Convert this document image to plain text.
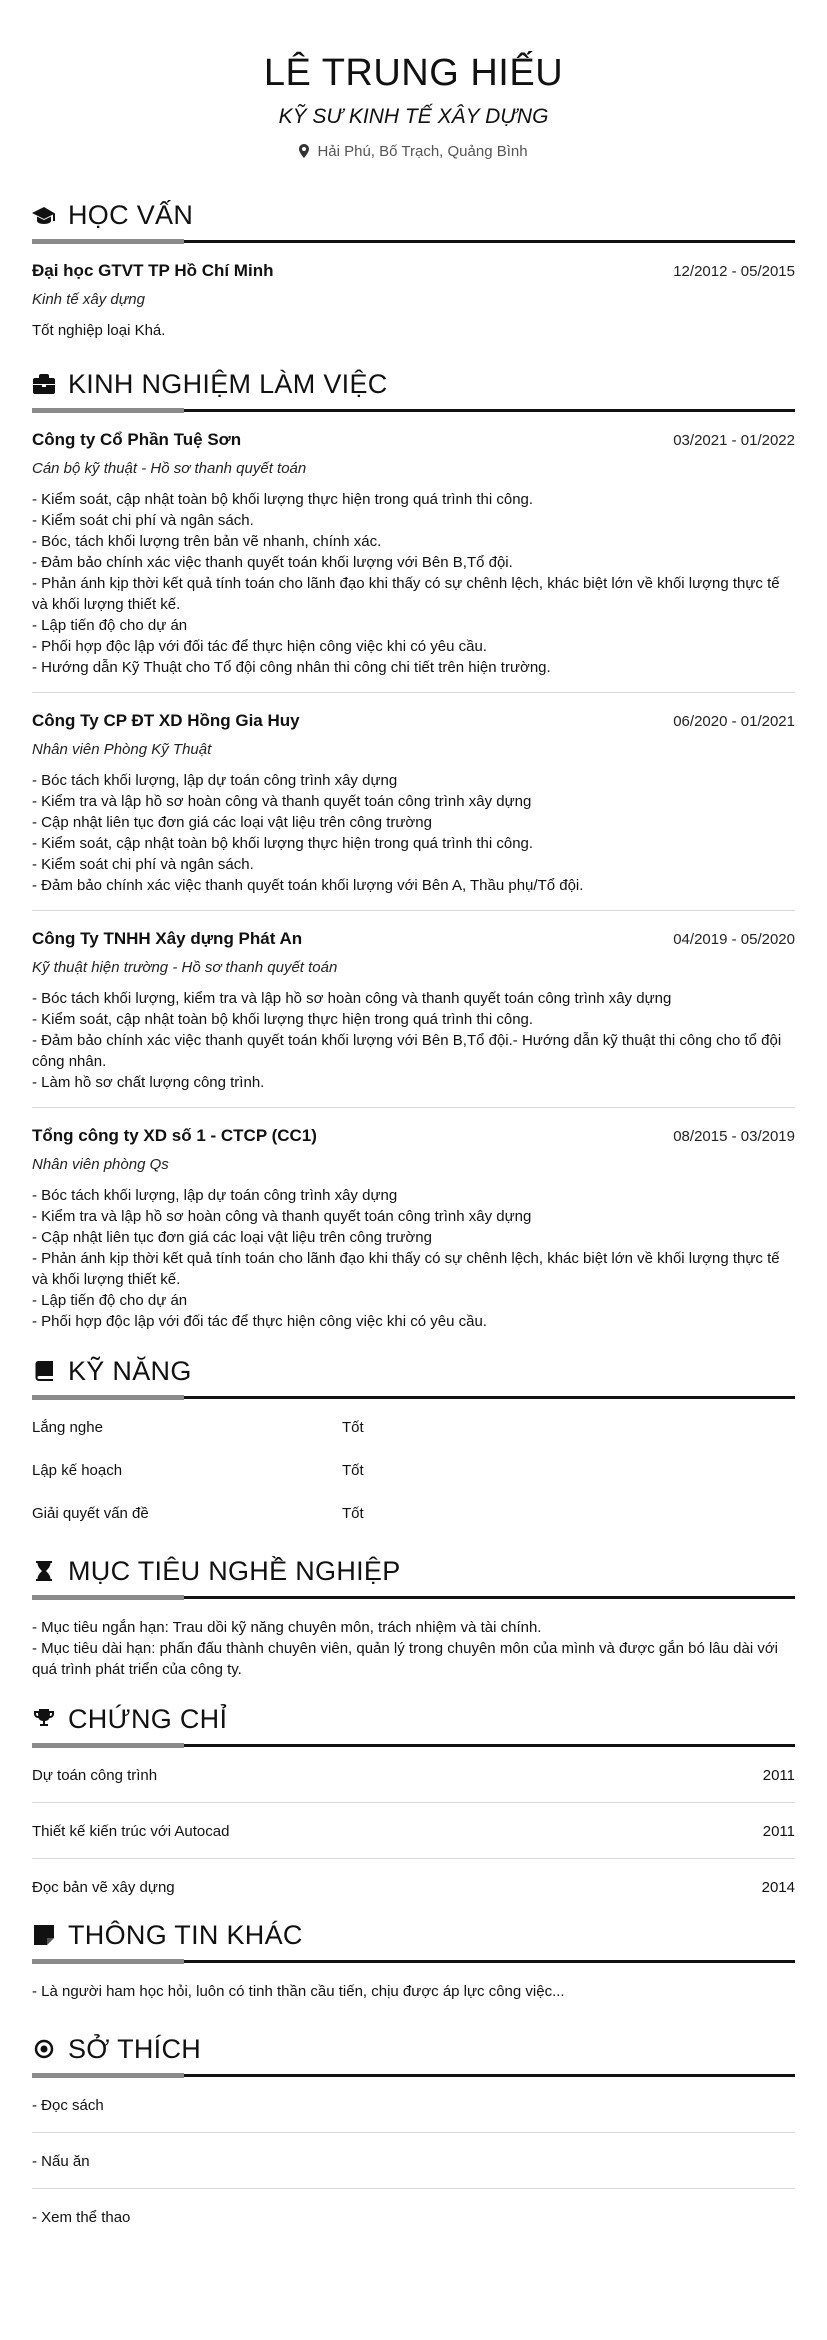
LÊ TRUNG HIẾU
KỸ SƯ KINH TẾ XÂY DỰNG
Hải Phú, Bố Trạch, Quảng Bình
HỌC VẤN
Đại học GTVT TP Hồ Chí Minh	12/2012 - 05/2015
Kinh tế xây dựng
Tốt nghiệp loại Khá.
KINH NGHIỆM LÀM VIỆC
Công ty Cổ Phần Tuệ Sơn	03/2021 - 01/2022
Cán bộ kỹ thuật - Hồ sơ thanh quyết toán
- Kiểm soát, cập nhật toàn bộ khối lượng thực hiện trong quá trình thi công.
- Kiểm soát chi phí và ngân sách.
- Bóc, tách khối lượng trên bản vẽ nhanh, chính xác.
- Đảm bảo chính xác việc thanh quyết toán khối lượng với Bên B,Tổ đội.
- Phản ánh kịp thời kết quả tính toán cho lãnh đạo khi thấy có sự chênh lệch, khác biệt lớn về khối lượng thực tế và khối lượng thiết kế.
- Lập tiến độ cho dự án
- Phối hợp độc lập với đối tác để thực hiện công việc khi có yêu cầu.
- Hướng dẫn Kỹ Thuật cho Tổ đội công nhân thi công chi tiết trên hiện trường.
Công Ty CP ĐT XD Hồng Gia Huy	06/2020 - 01/2021
Nhân viên Phòng Kỹ Thuật
- Bóc tách khối lượng, lập dự toán công trình xây dựng
- Kiểm tra và lập hồ sơ hoàn công và thanh quyết toán công trình xây dựng
- Cập nhật liên tục đơn giá các loại vật liệu trên công trường
- Kiểm soát, cập nhật toàn bộ khối lượng thực hiện trong quá trình thi công.
- Kiểm soát chi phí và ngân sách.
- Đảm bảo chính xác việc thanh quyết toán khối lượng với Bên A, Thầu phụ/Tổ đội.
Công Ty TNHH Xây dựng Phát An	04/2019 - 05/2020
Kỹ thuật hiện trường - Hồ sơ thanh quyết toán
- Bóc tách khối lượng, kiểm tra và lập hồ sơ hoàn công và thanh quyết toán công trình xây dựng
- Kiểm soát, cập nhật toàn bộ khối lượng thực hiện trong quá trình thi công.
- Đảm bảo chính xác việc thanh quyết toán khối lượng với Bên B,Tổ đội.- Hướng dẫn kỹ thuật thi công cho tổ đội công nhân.
- Làm hồ sơ chất lượng công trình.
Tổng công ty XD số 1 - CTCP (CC1)	08/2015 - 03/2019
Nhân viên phòng Qs
- Bóc tách khối lượng, lập dự toán công trình xây dựng
- Kiểm tra và lập hồ sơ hoàn công và thanh quyết toán công trình xây dựng
- Cập nhật liên tục đơn giá các loại vật liệu trên công trường
- Phản ánh kịp thời kết quả tính toán cho lãnh đạo khi thấy có sự chênh lệch, khác biệt lớn về khối lượng thực tế và khối lượng thiết kế.
- Lập tiến độ cho dự án
- Phối hợp độc lập với đối tác để thực hiện công việc khi có yêu cầu.
KỸ NĂNG
Lắng nghe	Tốt
Lập kế hoạch	Tốt
Giải quyết vấn đề	Tốt
MỤC TIÊU NGHỀ NGHIỆP
- Mục tiêu ngắn hạn: Trau dồi kỹ năng chuyên môn, trách nhiệm và tài chính.
- Mục tiêu dài hạn: phấn đấu thành chuyên viên, quản lý trong chuyên môn của mình và được gắn bó lâu dài với quá trình phát triển của công ty.
CHỨNG CHỈ
Dự toán công trình	2011
Thiết kế kiến trúc với Autocad	2011
Đọc bản vẽ xây dựng	2014
THÔNG TIN KHÁC
- Là người ham học hỏi, luôn có tinh thần cầu tiến, chịu được áp lực công việc...
SỞ THÍCH
- Đọc sách
- Nấu ăn
- Xem thể thao
